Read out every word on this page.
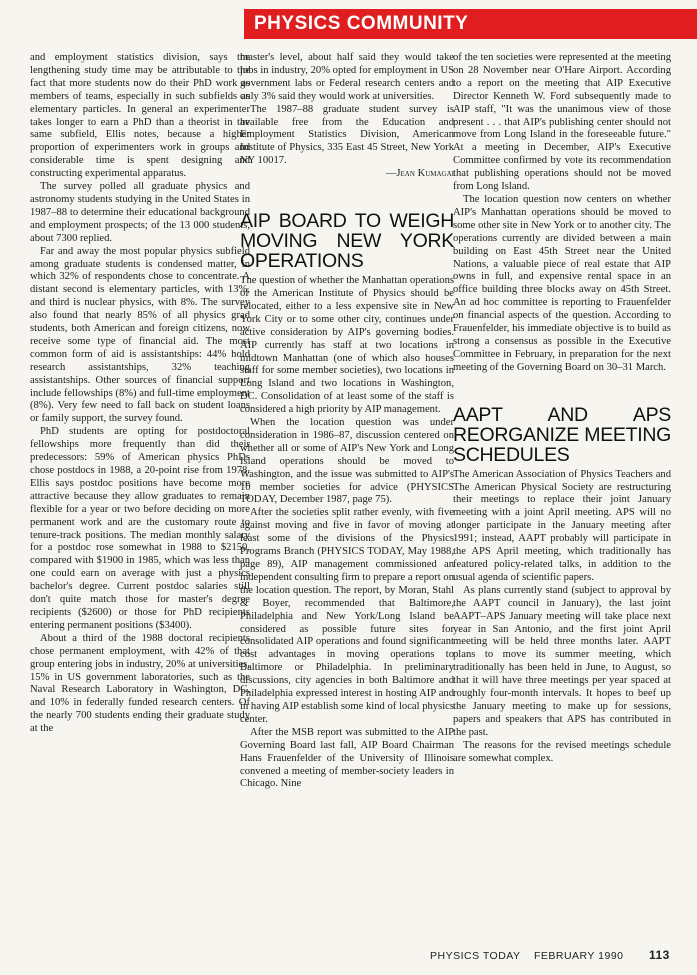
PHYSICS COMMUNITY

and employment statistics division, says the lengthening study time may be attributable to the fact that more students now do their PhD work as members of teams, especially in such subfields as elementary particles. In general an experimenter takes longer to earn a PhD than a theorist in the same subfield, Ellis notes, because a higher proportion of experimenters work in groups and considerable time is spent designing and constructing experimental apparatus.

The survey polled all graduate physics and astronomy students studying in the United States in 1987–88 to determine their educational background and employment prospects; of the 13 000 students, about 7300 replied.

Far and away the most popular physics subfield among graduate students is condensed matter, in which 32% of respondents chose to concentrate. A distant second is elementary particles, with 13%, and third is nuclear physics, with 8%. The survey also found that nearly 85% of all physics grad students, both American and foreign citizens, now receive some type of financial aid. The most common form of aid is assistantships: 44% hold research assistantships, 32% teaching assistantships. Other sources of financial support include fellowships (8%) and full-time employment (8%). Very few need to fall back on student loans or family support, the survey found.

PhD students are opting for postdoctoral fellowships more frequently than did their predecessors: 59% of American physics PhDs chose postdocs in 1988, a 20-point rise from 1978. Ellis says postdoc positions have become more attractive because they allow graduates to remain flexible for a year or two before deciding on more permanent work and are the customary route to tenure-track positions. The median monthly salary for a postdoc rose somewhat in 1988 to $2150, compared with $1900 in 1985, which was less than one could earn on average with just a physics bachelor's degree. Current postdoc salaries still don't quite match those for master's degree recipients ($2600) or those for PhD recipients entering permanent positions ($3400).

About a third of the 1988 doctoral recipients chose permanent employment, with 42% of that group entering jobs in industry, 20% at universities, 15% in US government laboratories, such as the Naval Research Laboratory in Washington, DC, and 10% in federally funded research centers. Of the nearly 700 students ending their graduate study at the

master's level, about half said they would take jobs in industry, 20% opted for employment in US government labs or Federal research centers and only 3% said they would work at universities.

The 1987–88 graduate student survey is available free from the Education and Employment Statistics Division, American Institute of Physics, 335 East 45 Street, New York NY 10017.

—Jean Kumagai
AIP BOARD TO WEIGH MOVING NEW YORK OPERATIONS

The question of whether the Manhattan operations of the American Institute of Physics should be relocated, either to a less expensive site in New York City or to some other city, continues under active consideration by AIP's governing bodies. AIP currently has staff at two locations in midtown Manhattan (one of which also houses staff for some member societies), two locations in Long Island and two locations in Washington, DC. Consolidation of at least some of the staff is considered a high priority by AIP management.

When the location question was under consideration in 1986–87, discussion centered on whether all or some of AIP's New York and Long Island operations should be moved to Washington, and the issue was submitted to AIP's 10 member societies for advice (PHYSICS TODAY, December 1987, page 75).

After the societies split rather evenly, with five against moving and five in favor of moving at least some of the divisions of the Physics Programs Branch (PHYSICS TODAY, May 1988, page 89), AIP management commissioned an independent consulting firm to prepare a report on the location question. The report, by Moran, Stahl & Boyer, recommended that Baltimore, Philadelphia and New York/Long Island be considered as possible future sites for consolidated AIP operations and found significant cost advantages in moving operations to Baltimore or Philadelphia. In preliminary discussions, city agencies in both Baltimore and Philadelphia expressed interest in hosting AIP and in having AIP establish some kind of local physics center.

After the MSB report was submitted to the AIP Governing Board last fall, AIP Board Chairman Hans Frauenfelder of the University of Illinois convened a meeting of member-society leaders in Chicago. Nine

of the ten societies were represented at the meeting on 28 November near O'Hare Airport. According to a report on the meeting that AIP Executive Director Kenneth W. Ford subsequently made to AIP staff, "It was the unanimous view of those present . . . that AIP's publishing center should not move from Long Island in the foreseeable future." At a meeting in December, AIP's Executive Committee confirmed by vote its recommendation that publishing operations should not be moved from Long Island.

The location question now centers on whether AIP's Manhattan operations should be moved to some other site in New York or to another city. The operations currently are divided between a main building on East 45th Street near the United Nations, a valuable piece of real estate that AIP owns in full, and expensive rental space in an office building three blocks away on 45th Street. An ad hoc committee is reporting to Frauenfelder on financial aspects of the question. According to Frauenfelder, his immediate objective is to build as strong a consensus as possible in the Executive Committee in February, in preparation for the next meeting of the Governing Board on 30–31 March.

AAPT AND APS REORGANIZE MEETING SCHEDULES

The American Association of Physics Teachers and The American Physical Society are restructuring their meetings to replace their joint January meeting with a joint April meeting. APS will no longer participate in the January meeting after 1991; instead, AAPT probably will participate in the APS April meeting, which traditionally has featured policy-related talks, in addition to the usual agenda of scientific papers.

As plans currently stand (subject to approval by the AAPT council in January), the last joint AAPT–APS January meeting will take place next year in San Antonio, and the first joint April meeting will be held three months later. AAPT plans to move its summer meeting, which traditionally has been held in June, to August, so that it will have three meetings per year spaced at roughly four-month intervals. It hopes to beef up the January meeting to make up for sessions, papers and speakers that APS has contributed in the past.

The reasons for the revised meetings schedule are somewhat complex.

PHYSICS TODAY FEBRUARY 1990 113
